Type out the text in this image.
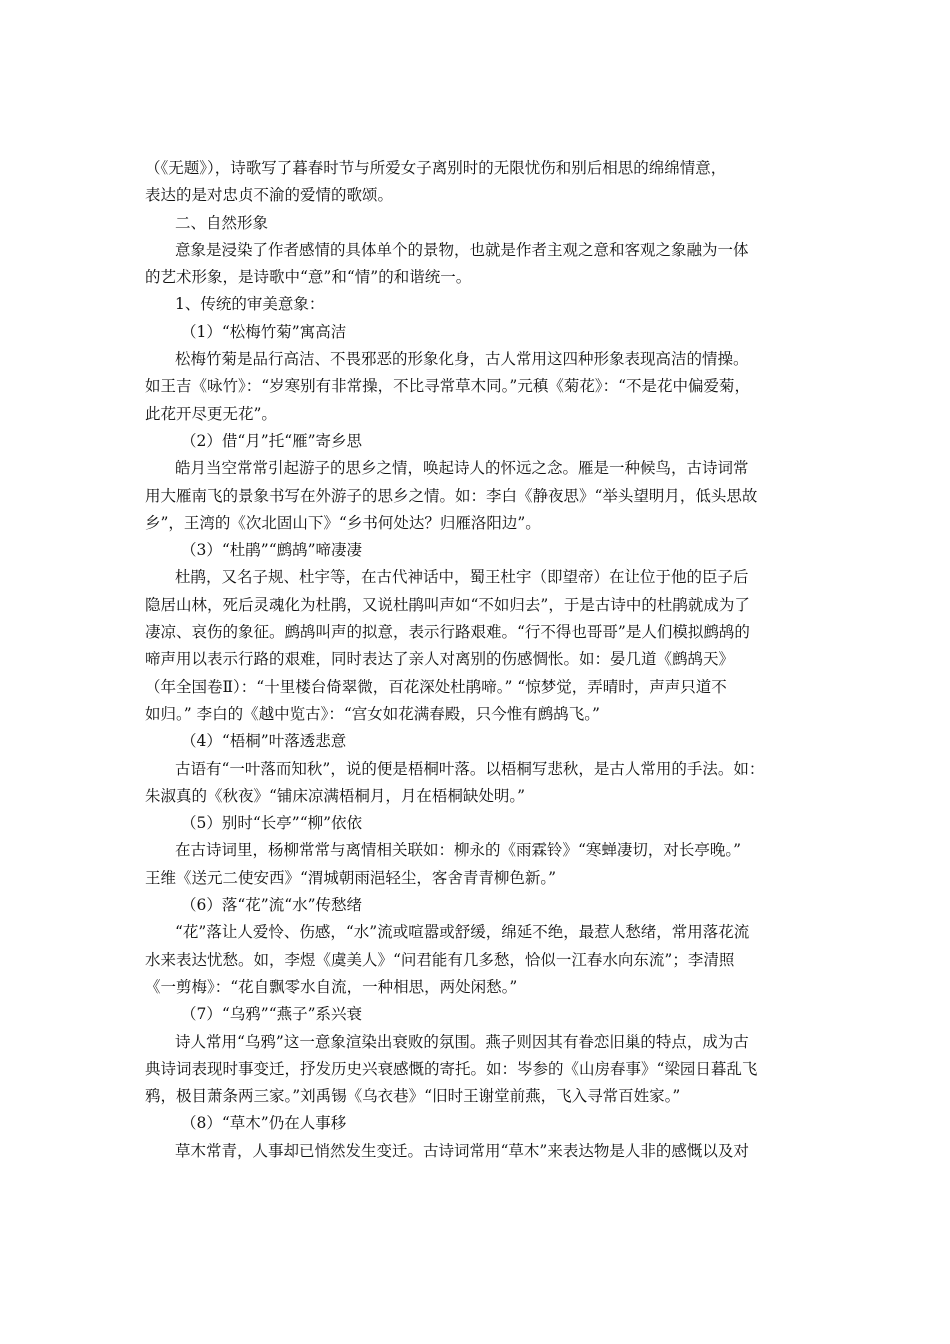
（《无题》），诗歌写了暮春时节与所爱女子离别时的无限忧伤和别后相思的绵绵情意，
表达的是对忠贞不渝的爱情的歌颂。
二、自然形象
意象是浸染了作者感情的具体单个的景物，也就是作者主观之意和客观之象融为一体
的艺术形象，是诗歌中“意”和“情”的和谐统一。
1、传统的审美意象：
（1）“松梅竹菊”寓高洁
松梅竹菊是品行高洁、不畏邪恶的形象化身，古人常用这四种形象表现高洁的情操。
如王吉《咏竹》：“岁寒别有非常操，不比寻常草木同。”元稹《菊花》：“不是花中偏爱菊，
此花开尽更无花”。
（2）借“月”托“雁”寄乡思
皓月当空常常引起游子的思乡之情，唤起诗人的怀远之念。雁是一种候鸟，古诗词常
用大雁南飞的景象书写在外游子的思乡之情。如：李白《静夜思》“举头望明月，低头思故
乡”，王湾的《次北固山下》“乡书何处达？归雁洛阳边”。
（3）“杜鹃”“鹧鸪”啼凄凄
杜鹃，又名子规、杜宇等，在古代神话中，蜀王杜宇（即望帝）在让位于他的臣子后
隐居山林，死后灵魂化为杜鹃，又说杜鹃叫声如“不如归去”，于是古诗中的杜鹃就成为了
凄凉、哀伤的象征。鹧鸪叫声的拟意，表示行路艰难。“行不得也哥哥”是人们模拟鹧鸪的
啼声用以表示行路的艰难，同时表达了亲人对离别的伤感惆怅。如：晏几道《鹧鸪天》
（年全国卷Ⅱ）：“十里楼台倚翠微，百花深处杜鹃啼。” “惊梦觉，弄晴时，声声只道不
如归。” 李白的《越中览古》：“宫女如花满春殿，只今惟有鹧鸪飞。”
（4）“梧桐”叶落透悲意
古语有“一叶落而知秋”，说的便是梧桐叶落。以梧桐写悲秋，是古人常用的手法。如：
朱淑真的《秋夜》“铺床凉满梧桐月，月在梧桐缺处明。”
（5）别时“长亭”“柳”依依
在古诗词里，杨柳常常与离情相关联如：柳永的《雨霖铃》“寒蝉凄切，对长亭晚。”
王维《送元二使安西》“渭城朝雨浥轻尘，客舍青青柳色新。”
（6）落“花”流“水”传愁绪
“花”落让人爱怜、伤感，“水”流或喧嚣或舒缓，绵延不绝，最惹人愁绪，常用落花流
水来表达忧愁。如，李煜《虞美人》“问君能有几多愁，恰似一江春水向东流”；李清照
《一剪梅》：“花自飘零水自流，一种相思，两处闲愁。”
（7）“乌鸦”“燕子”系兴衰
诗人常用“乌鸦”这一意象渲染出衰败的氛围。燕子则因其有眷恋旧巢的特点，成为古
典诗词表现时事变迁，抒发历史兴衰感慨的寄托。如：岑参的《山房春事》“梁园日暮乱飞
鸦，极目萧条两三家。”刘禹锡《乌衣巷》“旧时王谢堂前燕，飞入寻常百姓家。”
（8）“草木”仍在人事移
草木常青，人事却已悄然发生变迁。古诗词常用“草木”来表达物是人非的感慨以及对
